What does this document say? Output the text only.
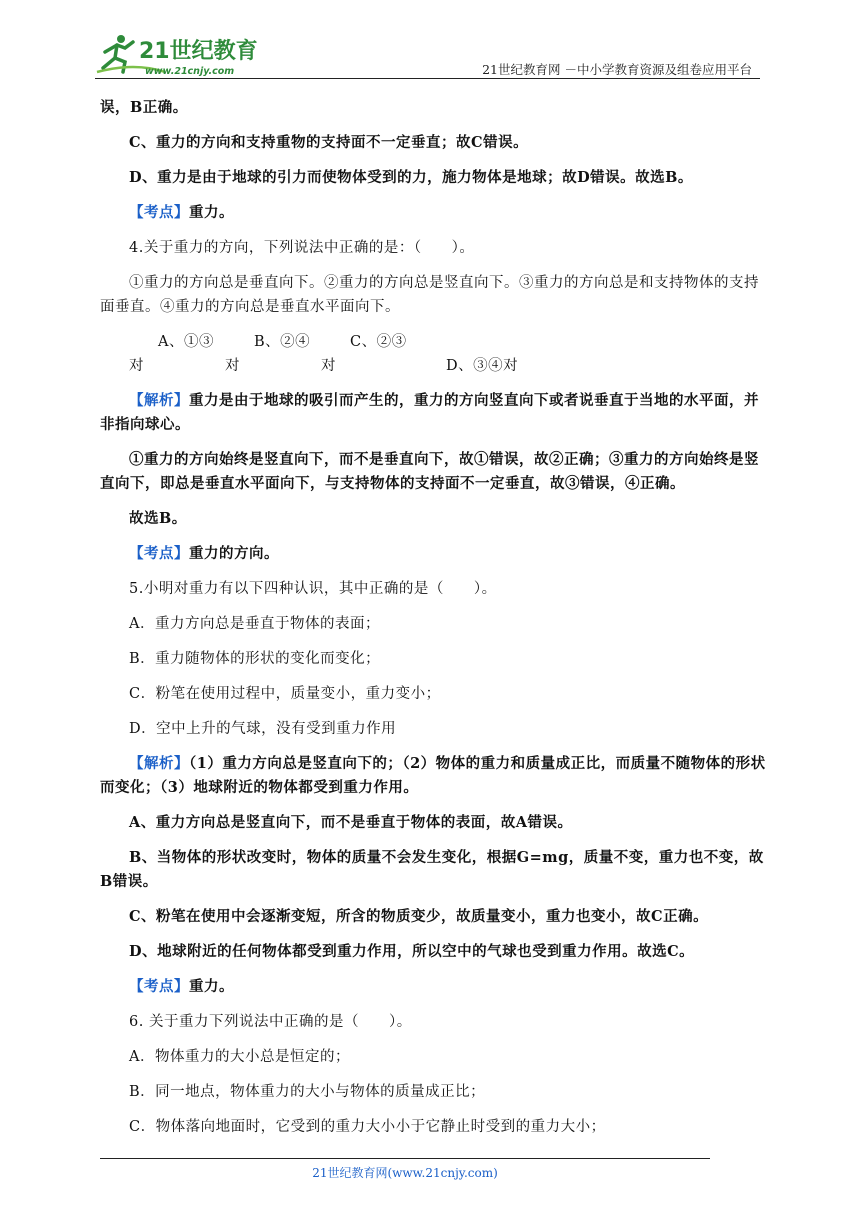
21世纪教育
www.21cnjy.com	21世纪教育网 －中小学教育资源及组卷应用平台

误，B正确。

C、重力的方向和支持重物的支持面不一定垂直；故C错误。

D、重力是由于地球的引力而使物体受到的力，施力物体是地球；故D错误。故选B。

【考点】重力。

4.关于重力的方向，下列说法中正确的是：（　　）。

①重力的方向总是垂直向下。②重力的方向总是竖直向下。③重力的方向总是和支持物体的支持面垂直。④重力的方向总是垂直水平面向下。

A、①③对B、②④对C、②③对	D、③④对

【解析】重力是由于地球的吸引而产生的，重力的方向竖直向下或者说垂直于当地的水平面，并非指向球心。

①重力的方向始终是竖直向下，而不是垂直向下，故①错误，故②正确；③重力的方向始终是竖直向下，即总是垂直水平面向下，与支持物体的支持面不一定垂直，故③错误，④正确。

故选B。

【考点】重力的方向。

5.小明对重力有以下四种认识，其中正确的是（　　）。

A．重力方向总是垂直于物体的表面；

B．重力随物体的形状的变化而变化；

C．粉笔在使用过程中，质量变小，重力变小；

D．空中上升的气球，没有受到重力作用

【解析】（1）重力方向总是竖直向下的；（2）物体的重力和质量成正比，而质量不随物体的形状而变化；（3）地球附近的物体都受到重力作用。

A、重力方向总是竖直向下，而不是垂直于物体的表面，故A错误。

B、当物体的形状改变时，物体的质量不会发生变化，根据G=mg，质量不变，重力也不变，故B错误。

C、粉笔在使用中会逐渐变短，所含的物质变少，故质量变小，重力也变小，故C正确。

D、地球附近的任何物体都受到重力作用，所以空中的气球也受到重力作用。故选C。

【考点】重力。

6. 关于重力下列说法中正确的是（　　）。

A．物体重力的大小总是恒定的；

B．同一地点，物体重力的大小与物体的质量成正比；

C．物体落向地面时，它受到的重力大小小于它静止时受到的重力大小；

21世纪教育网(www.21cnjy.com)
